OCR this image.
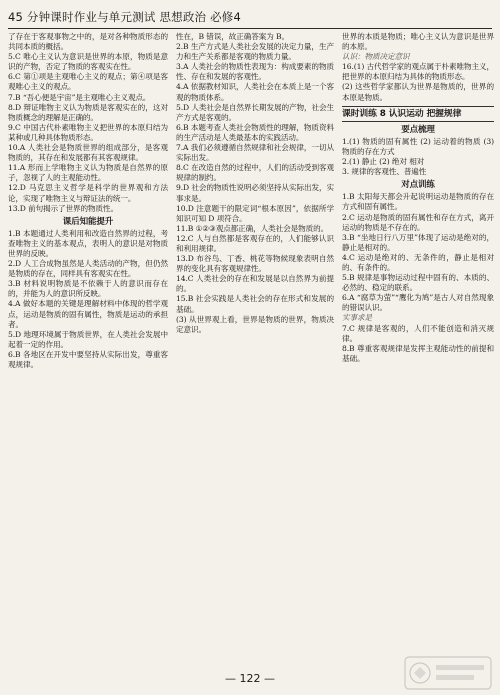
45 分钟课时作业与单元测试 思想政治 必修4

了存在于客观事物之中的，是对各种物质形态的共同本质的概括。

5.C 唯心主义认为意识是世界的本原，物质是意识的产物，否定了物质的客观实在性。

6.C 第①项是主观唯心主义的观点；第④项是客观唯心主义的观点。

7.B “吾心便是宇宙”是主观唯心主义观点。

8.D 辩证唯物主义认为物质是客观实在的，这对物质概念的理解是正确的。

9.C 中国古代朴素唯物主义把世界的本原归结为某种或几种具体物质形态。

10.A 人类社会是物质世界的组成部分，是客观物质的，其存在和发展都有其客观规律。

11.A 形而上学唯物主义认为物质是自然界的原子，忽视了人的主观能动性。

12.D 马克思主义哲学是科学的世界观和方法论，实现了唯物主义与辩证法的统一。

13.D 前句揭示了世界的物质性。

课后知能提升

1.B 本题通过人类利用和改造自然界的过程，考查唯物主义的基本观点，表明人的意识是对物质世界的反映。

2.D 人工合成物虽然是人类活动的产物，但仍然是物质的存在，同样具有客观实在性。

3.B 材料说明物质是不依赖于人的意识而存在的，并能为人的意识所反映。

4.A 做好本题的关键是理解材料中体现的哲学观点，运动是物质的固有属性，物质是运动的承担者。

5.D 地理环境属于物质世界，在人类社会发展中起着一定的作用。

6.B 各地区在开发中要坚持从实际出发，尊重客观规律。

性在，B 错误，故正确答案为 B。

2.B 生产方式是人类社会发展的决定力量，生产力和生产关系都是客观的物质力量。

3.A 人类社会的物质性表现为：构成要素的物质性、存在和发展的客观性。

4.A 依据教材知识，人类社会在本质上是一个客观的物质体系。

5.D 人类社会是自然界长期发展的产物，社会生产方式是客观的。

6.B 本题考查人类社会物质性的理解，物质资料的生产活动是人类最基本的实践活动。

7.A 我们必须遵循自然规律和社会规律，一切从实际出发。

8.C 在改造自然的过程中，人们的活动受到客观规律的制约。

9.D 社会的物质性说明必须坚持从实际出发，实事求是。

10.D 注意题干的限定词“根本原因”，依据所学知识可知 D 项符合。

11.B ①②③观点都正确，人类社会是物质的。

12.C 人与自然都是客观存在的，人们能够认识和利用规律。

13.D 布谷鸟、丁香、桃花等物候现象表明自然界的变化具有客观规律性。

14.C 人类社会的存在和发展是以自然界为前提的。

15.B 社会实践是人类社会的存在形式和发展的基础。

(3) 从世界观上看，世界是物质的世界，物质决定意识。

世界的本质是物质；唯心主义认为意识是世界的本原。

认识：物质决定意识

16.(1) 古代哲学家的观点属于朴素唯物主义，把世界的本原归结为具体的物质形态。

(2) 这些哲学家都认为世界是物质的，世界的本原是物质。

课时训练 8 认识运动 把握规律
要点梳理

1.(1) 物质的固有属性 (2) 运动着的物质 (3) 物质的存在方式

2.(1) 静止 (2) 绝对 相对

3. 规律的客观性、普遍性

对点训练

1.B 太阳每天都会升起说明运动是物质的存在方式和固有属性。

2.C 运动是物质的固有属性和存在方式，离开运动的物质是不存在的。

3.B “坐地日行八万里”体现了运动是绝对的，静止是相对的。

4.C 运动是绝对的、无条件的，静止是相对的、有条件的。

5.B 规律是事物运动过程中固有的、本质的、必然的、稳定的联系。

6.A “腐草为萤”“鹰化为鸠”是古人对自然现象的错误认识。

实事求是

7.C 规律是客观的，人们不能创造和消灭规律。

8.B 尊重客观规律是发挥主观能动性的前提和基础。

— 122 —
